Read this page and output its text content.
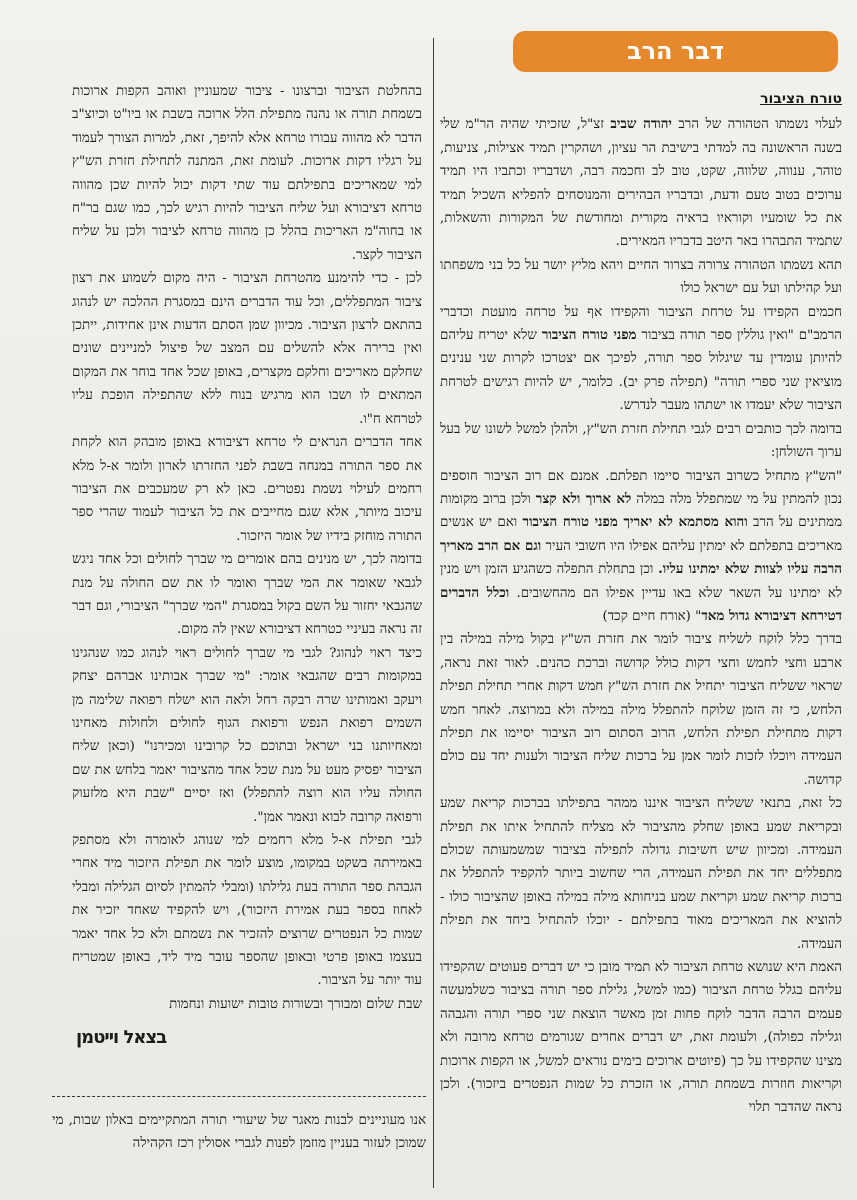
דבר הרב
טורח הציבור

לעלוי נשמתו הטהורה של הרב יהודה שביב זצ"ל, שזכיתי שהיה הר"מ שלי בשנה הראשונה בה למדתי בישיבת הר עציון, ושהקרין תמיד אצילות, צניעות, טוהר, ענווה, שלווה, שקט, טוב לב וחכמה רבה, ושדבריו וכתביו היו תמיד ערוכים בטוב טעם ודעת, ובדבריו הבהירים והמנוסחים להפליא השכיל תמיד את כל שומעיו וקוראיו בראיה מקורית ומחודשת של המקורות והשאלות, שתמיד התבהרו באר היטב בדבריו המאירים.

תהא נשמתו הטהורה צרורה בצרור החיים ויהא מליץ יושר על כל בני משפחתו ועל קהילתו ועל עם ישראל כולו

חכמים הקפידו על טרחת הציבור והקפידו אף על טרחה מועטת וכדברי הרמב"ם "ואין גוללין ספר תורה בציבור מפני טורח הציבור שלא יטריח עליהם להיותן עומדין עד שיגלול ספר תורה, לפיכך אם יצטרכו לקרות שני ענינים מוציאין שני ספרי תורה" (תפילה פרק יב). כלומר, יש להיות רגישים לטרחת הציבור שלא יעמדו או ישתהו מעבר לנדרש.

בדומה לכך כותבים רבים לגבי תחילת חזרת הש"ץ, ולהלן למשל לשונו של בעל ערוך השולחן:

"הש"ץ מתחיל כשרוב הציבור סיימו תפלתם. אמנם אם רוב הציבור חוספים נכון להמתין על מי שמתפלל מלה במלה לא ארוך ולא קצר ולכן ברוב מקומות ממתינים על הרב והוא מסתמא לא יאריך מפני טורח הציבור ואם יש אנשים מאריכים בתפלתם לא ימתין עליהם אפילו היו חשובי העיר וגם אם הרב מאריך הרבה עליו לצוות שלא ימתינו עליו. וכן בתחלת התפלה כשהגיע הזמן ויש מנין לא ימתינו על השאר שלא באו עדיין אפילו הם מהחשובים. וכלל הדברים דטירחא דציבורא גדול מאד" (אורח חיים קכד)

בדרך כלל לוקח לשליח ציבור לומר את חזרת הש"ץ בקול מילה במילה בין ארבע וחצי לחמש וחצי דקות כולל קדושה וברכת כהנים. לאור זאת נראה, שראוי ששליח הציבור יתחיל את חזרת הש"ץ חמש דקות אחרי תחילת תפילת הלחש, כי זה הזמן שלוקח להתפלל מילה במילה ולא במרוצה. לאחר חמש דקות מתחילת תפילת הלחש, הרוב הסתום רוב הציבור יסיימו את תפילת העמידה ויוכלו לזכות לומר אמן על ברכות שליח הציבור ולענות יחד עם כולם קדושה.

כל זאת, בתנאי ששליח הציבור איננו ממהר בתפילתו בברכות קריאת שמע ובקריאת שמע באופן שחלק מהציבור לא מצליח להתחיל איתו את תפילת העמידה. ומכיוון שיש חשיבות גדולה לתפילה בציבור שמשמעותה שכולם מתפללים יחד את תפילת העמידה, הרי שחשוב ביותר להקפיד להתפלל את ברכות קריאת שמע וקריאת שמע בניחותא מילה במילה באופן שהציבור כולו - להוציא את המאריכים מאוד בתפילתם - יוכלו להתחיל ביחד את תפילת העמידה.

האמת היא שנושא טרחת הציבור לא תמיד מובן כי יש דברים פעוטים שהקפידו עליהם בגלל טרחת הציבור (כמו למשל, גלילת ספר תורה בציבור כשלמעשה פעמים הרבה הדבר לוקח פחות זמן מאשר הוצאת שני ספרי תורה והגבהה וגלילה כפולה), ולעומת זאת, יש דברים אחרים שגורמים טרחא מרובה ולא מצינו שהקפידו על כך (פיוטים ארוכים בימים נוראים למשל, או הקפות ארוכות וקריאות חוזרות בשמחת תורה, או הזכרת כל שמות הנפטרים ביזכור). ולכן נראה שהדבר תלוי

בהחלטת הציבור וברצונו - ציבור שמעוניין ואוהב הקפות ארוכות בשמחת תורה או נהנה מתפילת הלל ארוכה בשבת או ביו"ט וכיוצ"ב הדבר לא מהווה עבורו טרחא אלא להיפך, זאת, למרות הצורך לעמוד על רגליו דקות ארוכות. לעומת זאת, המתנה לתחילת חזרת הש"ץ למי שמאריכים בתפילתם עוד שתי דקות יכול להיות שכן מהווה טרחא דציבורא ועל שליח הציבור להיות רגיש לכך, כמו שגם בר"ח או בחוה"מ האריכות בהלל כן מהווה טרחא לציבור ולכן על שליח הציבור לקצר.

לכן - כדי להימנע מהטרחת הציבור - היה מקום לשמוע את רצון ציבור המתפללים, וכל עוד הדברים הינם במסגרת ההלכה יש לנהוג בהתאם לרצון הציבור. מכיוון שמן הסתם הדעות אינן אחידות, ייתכן ואין ברירה אלא להשלים עם המצב של פיצול למניינים שונים שחלקם מאריכים וחלקם מקצרים, באופן שכל אחד בוחר את המקום המתאים לו ושבו הוא מרגיש בנוח ללא שהתפילה הופכת עליו לטרחא ח"ו.

אחד הדברים הנראים לי טרחא דציבורא באופן מובהק הוא לקחת את ספר התורה במנחה בשבת לפני החזרתו לארון ולומר א-ל מלא רחמים לעילוי נשמת נפטרים. כאן לא רק שמעכבים את הציבור עיכוב מיותר, אלא שגם מחייבים את כל הציבור לעמוד שהרי ספר התורה מוחזק בידיו של אומר היזכור.

בדומה לכך, יש מנינים בהם אומרים מי שברך לחולים וכל אחד ניגש לגבאי שאומר את המי שברך ואומר לו את שם החולה על מנת שהגבאי יחזור על השם בקול במסגרת "המי שברך" הציבורי, וגם דבר זה נראה בעיניי כטרחא דציבורא שאין לה מקום.

כיצד ראוי לנהוג? לגבי מי שברך לחולים ראוי לנהוג כמו שנהגינו במקומות רבים שהגבאי אומר: "מי שברך אבותינו אברהם יצחק ויעקב ואמותינו שרה רבקה רחל ולאה הוא ישלח רפואה שלימה מן השמים רפואת הנפש ורפואת הגוף לחולים ולחולות מאחינו ומאחיותנו בני ישראל ובתוכם כל קרובינו ומכירנו" (וכאן שליח הציבור יפסיק מעט על מנת שכל אחד מהציבור יאמר בלחש את שם החולה עליו הוא רוצה להתפלל) ואז יסיים "שבת היא מלזעוק ורפואה קרובה לבוא ונאמר אמן".

לגבי תפילת א-ל מלא רחמים למי שנוהג לאומרה ולא מסתפק באמירתה בשקט במקומו, מוצע לומר את תפילת היזכור מיד אחרי הגבהת ספר התורה בעת גלילתו (ומבלי להמתין לסיום הגלילה ומבלי לאחוז בספר בעת אמירת היזכור), ויש להקפיד שאחד יזכיר את שמות כל הנפטרים שרוצים להזכיר את נשמתם ולא כל אחד יאמר בעצמו באופן פרטי ובאופן שהספר עובר מיד ליד, באופן שמטריח עוד יותר על הציבור.

שבת שלום ומבורך ובשורות טובות ישועות ונחמות

בצאל וייטמן
אנו מעוניינים לבנות מאגר של שיעורי תורה המתקיימים באלון שבות, מי שמוכן לעזור בעניין מוזמן לפנות לגברי אסולין רכז הקהילה
